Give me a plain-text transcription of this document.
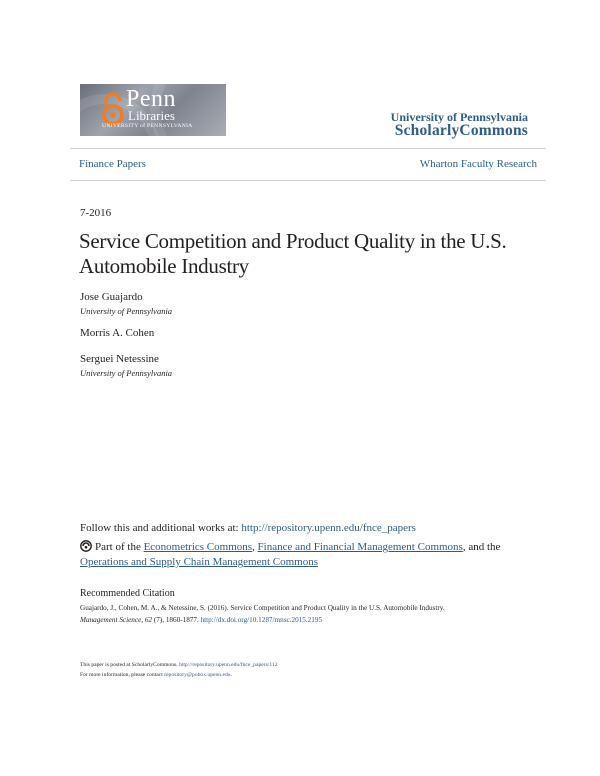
Penn
Libraries
UNIVERSITY of PENNSYLVANIA
University of Pennsylvania
ScholarlyCommons
Finance Papers	Wharton Faculty Research
7-2016
Service Competition and Product Quality in the U.S. Automobile Industry
Jose Guajardo
University of Pennsylvania
Morris A. Cohen
Serguei Netessine
University of Pennsylvania
Follow this and additional works at: http://repository.upenn.edu/fnce_papers
Part of the Econometrics Commons, Finance and Financial Management Commons, and the Operations and Supply Chain Management Commons
Recommended Citation
Guajardo, J., Cohen, M. A., & Netessine, S. (2016). Service Competition and Product Quality in the U.S. Automobile Industry.
Management Science, 62 (7), 1860-1877. http://dx.doi.org/10.1287/mnsc.2015.2195
This paper is posted at ScholarlyCommons. http://repository.upenn.edu/fnce_papers/112
For more information, please contact repository@pobox.upenn.edu.
